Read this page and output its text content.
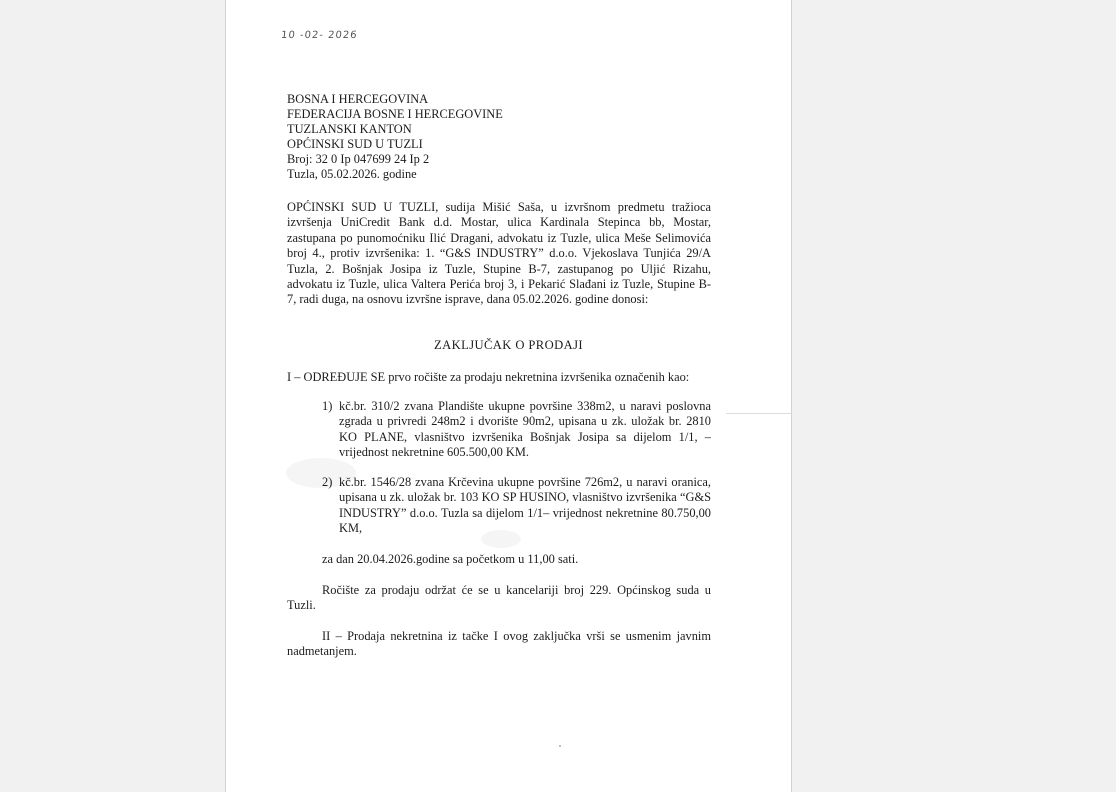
10 -02- 2026
BOSNA I HERCEGOVINA
FEDERACIJA BOSNE I HERCEGOVINE
TUZLANSKI KANTON
OPĆINSKI SUD U TUZLI
Broj: 32 0 Ip 047699 24 Ip 2
Tuzla, 05.02.2026. godine

OPĆINSKI SUD U TUZLI, sudija Mišić Saša, u izvršnom predmetu tražioca izvršenja UniCredit Bank d.d. Mostar, ulica Kardinala Stepinca bb, Mostar, zastupana po punomoćniku Ilić Dragani, advokatu iz Tuzle, ulica Meše Selimovića broj 4., protiv izvršenika: 1. “G&S INDUSTRY” d.o.o. Vjekoslava Tunjića 29/A Tuzla, 2. Bošnjak Josipa iz Tuzle, Stupine B-7, zastupanog po Uljić Rizahu, advokatu iz Tuzle, ulica Valtera Perića broj 3, i Pekarić Slađani iz Tuzle, Stupine B-7, radi duga, na osnovu izvršne isprave, dana 05.02.2026. godine donosi:

ZAKLJUČAK O PRODAJI
I – ODREĐUJE SE prvo ročište za prodaju nekretnina izvršenika označenih kao:
1) kč.br. 310/2 zvana Plandište ukupne površine 338m2, u naravi poslovna zgrada u privredi 248m2 i dvorište 90m2, upisana u zk. uložak br. 2810 KO PLANE, vlasništvo izvršenika Bošnjak Josipa sa dijelom 1/1, – vrijednost nekretnine 605.500,00 KM.

2) kč.br. 1546/28 zvana Krčevina ukupne površine 726m2, u naravi oranica, upisana u zk. uložak br. 103 KO SP HUSINO, vlasništvo izvršenika “G&S INDUSTRY” d.o.o. Tuzla sa dijelom 1/1– vrijednost nekretnine 80.750,00 KM,

za dan 20.04.2026.godine sa početkom u 11,00 sati.

Ročište za prodaju održat će se u kancelariji broj 229. Općinskog suda u Tuzli.

II – Prodaja nekretnina iz tačke I ovog zaključka vrši se usmenim javnim nadmetanjem.
